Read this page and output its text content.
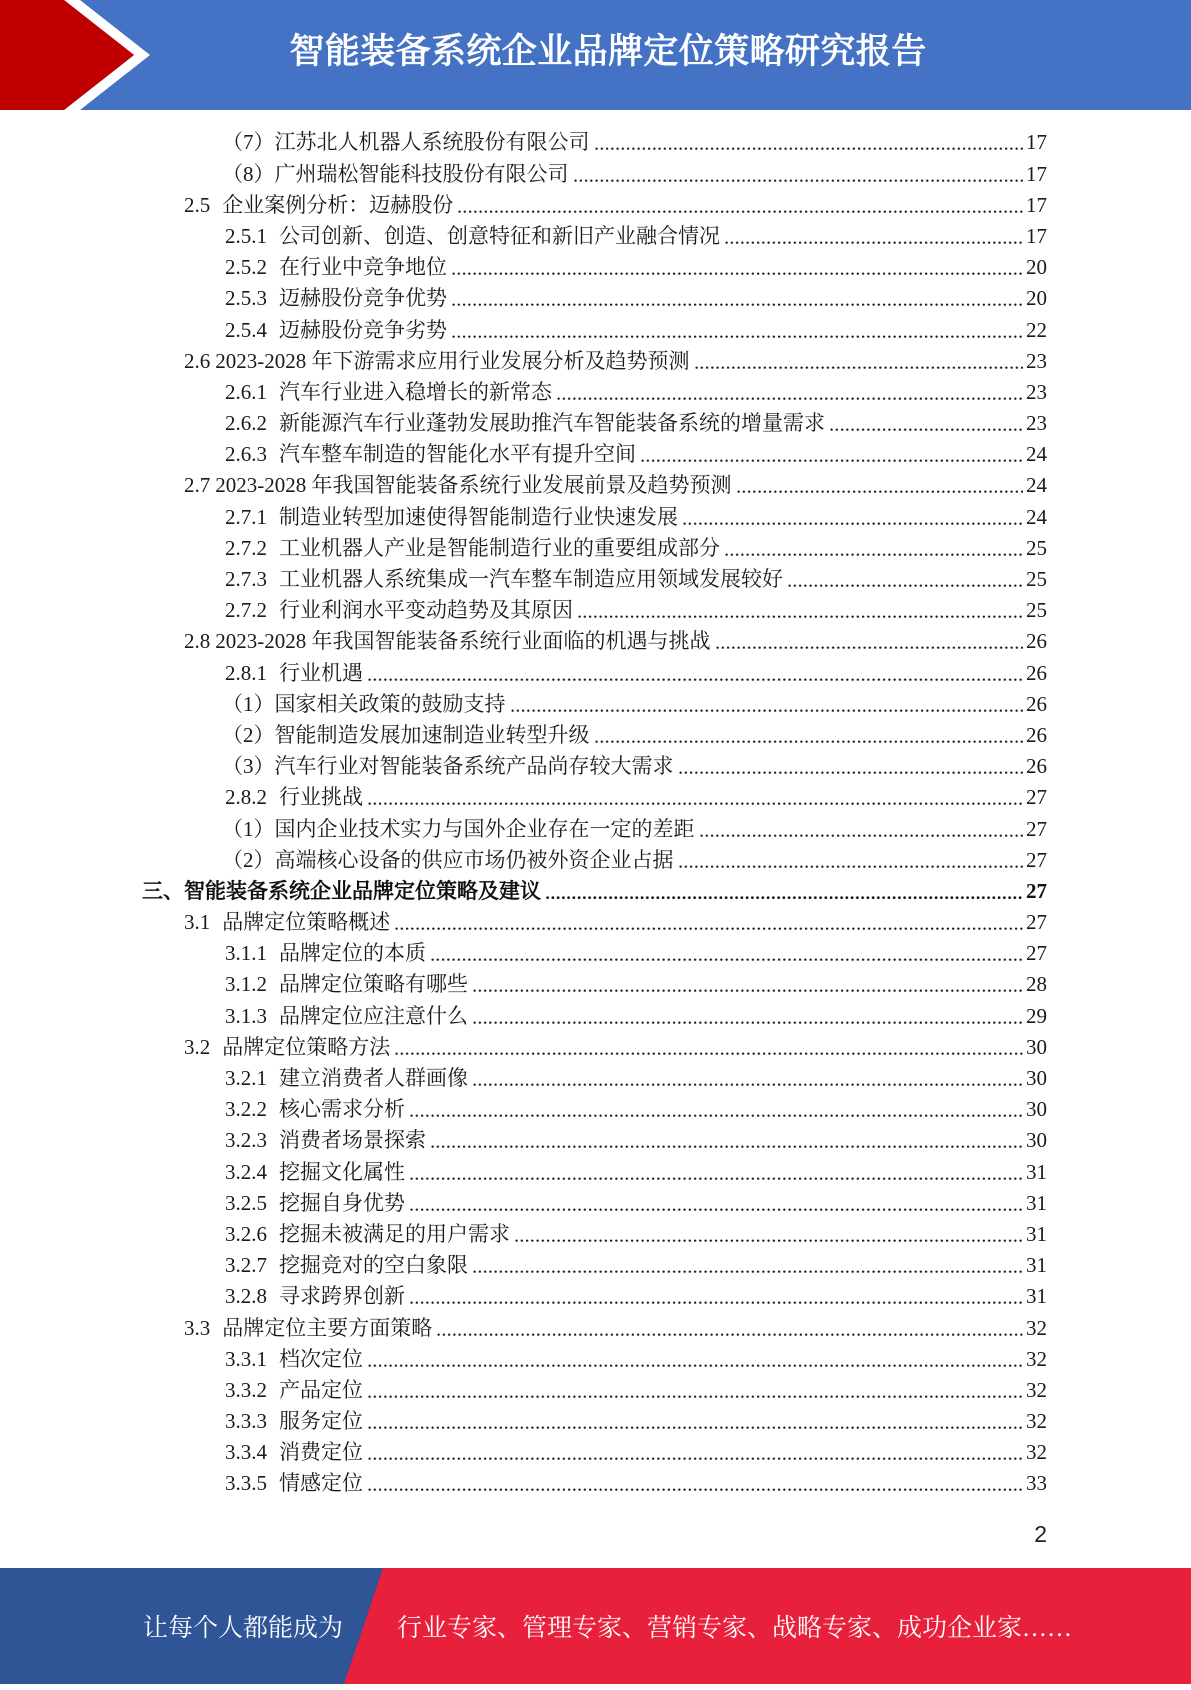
智能装备系统企业品牌定位策略研究报告
（7） 江苏北人机器人系统股份有限公司	17
（8） 广州瑞松智能科技股份有限公司	17
2.5 企业案例分析：迈赫股份	17
2.5.1 公司创新、创造、创意特征和新旧产业融合情况	17
2.5.2 在行业中竞争地位	20
2.5.3 迈赫股份竞争优势	20
2.5.4 迈赫股份竞争劣势	22
2.6 2023-2028 年下游需求应用行业发展分析及趋势预测	23
2.6.1 汽车行业进入稳增长的新常态	23
2.6.2 新能源汽车行业蓬勃发展助推汽车智能装备系统的增量需求	23
2.6.3 汽车整车制造的智能化水平有提升空间	24
2.7 2023-2028 年我国智能装备系统行业发展前景及趋势预测	24
2.7.1 制造业转型加速使得智能制造行业快速发展	24
2.7.2 工业机器人产业是智能制造行业的重要组成部分	25
2.7.3 工业机器人系统集成一汽车整车制造应用领域发展较好	25
2.7.2 行业利润水平变动趋势及其原因	25
2.8 2023-2028 年我国智能装备系统行业面临的机遇与挑战	26
2.8.1 行业机遇	26
（1） 国家相关政策的鼓励支持	26
（2） 智能制造发展加速制造业转型升级	26
（3） 汽车行业对智能装备系统产品尚存较大需求	26
2.8.2 行业挑战	27
（1） 国内企业技术实力与国外企业存在一定的差距	27
（2） 高端核心设备的供应市场仍被外资企业占据	27
三、 智能装备系统企业品牌定位策略及建议	27
3.1 品牌定位策略概述	27
3.1.1 品牌定位的本质	27
3.1.2 品牌定位策略有哪些	28
3.1.3 品牌定位应注意什么	29
3.2 品牌定位策略方法	30
3.2.1 建立消费者人群画像	30
3.2.2 核心需求分析	30
3.2.3 消费者场景探索	30
3.2.4 挖掘文化属性	31
3.2.5 挖掘自身优势	31
3.2.6 挖掘未被满足的用户需求	31
3.2.7 挖掘竞对的空白象限	31
3.2.8 寻求跨界创新	31
3.3 品牌定位主要方面策略	32
3.3.1 档次定位	32
3.3.2 产品定位	32
3.3.3 服务定位	32
3.3.4 消费定位	32
3.3.5 情感定位	33
2
让每个人都能成为 行业专家、管理专家、营销专家、战略专家、成功企业家……
